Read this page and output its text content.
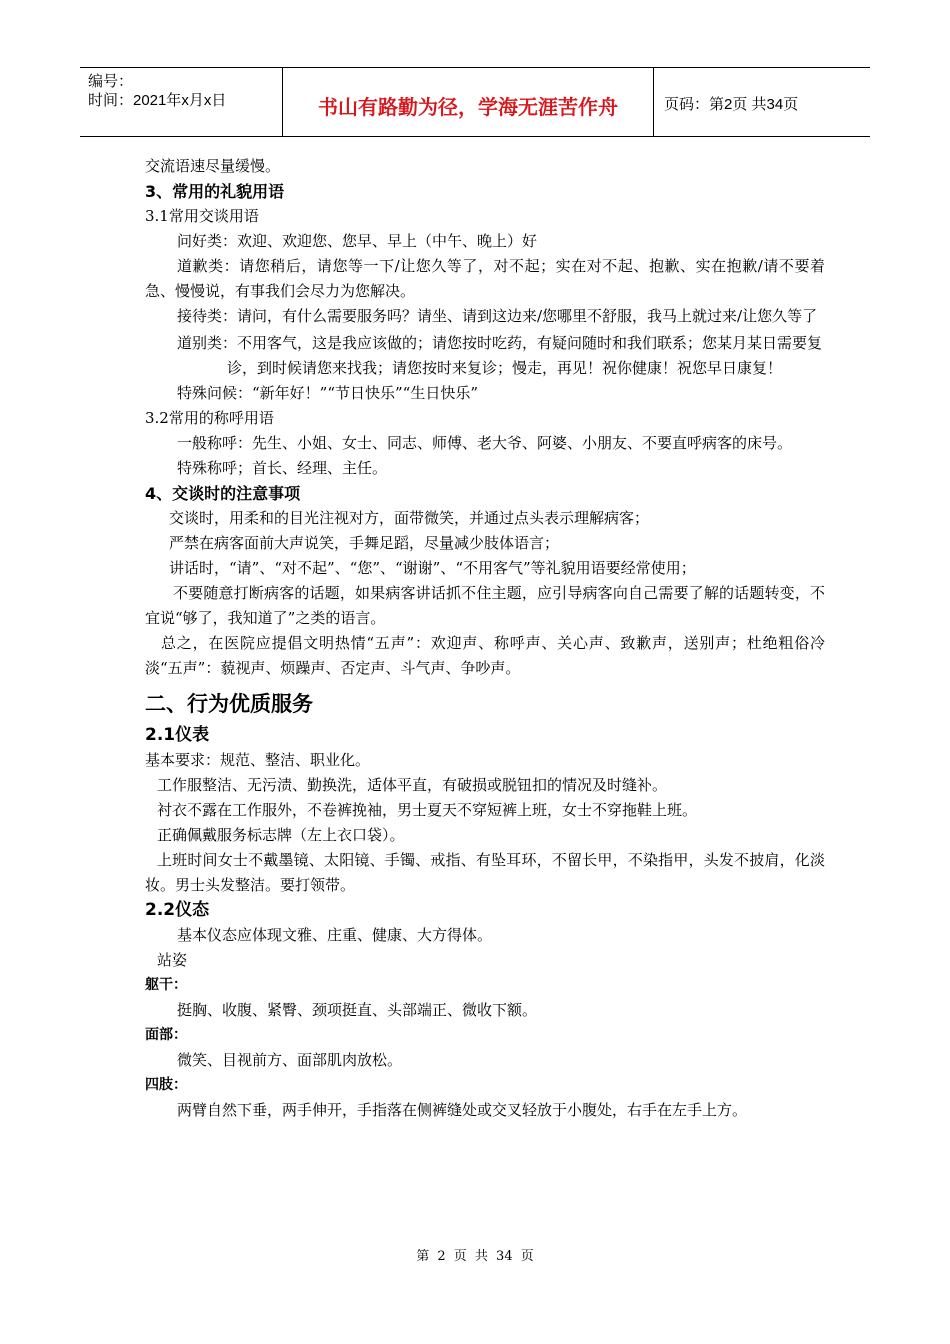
编号：
时间：2021年x月x日	书山有路勤为径，学海无涯苦作舟	页码：第2页 共34页
交流语速尽量缓慢。
3、常用的礼貌用语
3.1常用交谈用语
问好类：欢迎、欢迎您、您早、早上（中午、晚上）好
道歉类：请您稍后，请您等一下/让您久等了，对不起；实在对不起、抱歉、实在抱歉/请不要着急、慢慢说，有事我们会尽力为您解决。
接待类：请问，有什么需要服务吗？请坐、请到这边来/您哪里不舒服，我马上就过来/让您久等了
道别类：不用客气，这是我应该做的；请您按时吃药，有疑问随时和我们联系；您某月某日需要复诊，到时候请您来找我；请您按时来复诊；慢走，再见！祝你健康！祝您早日康复！
特殊问候：“新年好！”“节日快乐”“生日快乐”
3.2常用的称呼用语
一般称呼：先生、小姐、女士、同志、师傅、老大爷、阿婆、小朋友、不要直呼病客的床号。
特殊称呼；首长、经理、主任。
4、交谈时的注意事项
交谈时，用柔和的目光注视对方，面带微笑，并通过点头表示理解病客；
严禁在病客面前大声说笑，手舞足蹈，尽量减少肢体语言；
讲话时，“请”、“对不起”、“您”、“谢谢”、“不用客气”等礼貌用语要经常使用；
不要随意打断病客的话题，如果病客讲话抓不住主题，应引导病客向自己需要了解的话题转变，不宜说“够了，我知道了”之类的语言。
总之，在医院应提倡文明热情“五声”：欢迎声、称呼声、关心声、致歉声，送别声；杜绝粗俗冷淡“五声”：藐视声、烦躁声、否定声、斗气声、争吵声。
二、行为优质服务
2.1仪表
基本要求：规范、整洁、职业化。
工作服整洁、无污渍、勤换洗，适体平直，有破损或脱钮扣的情况及时缝补。
衬衣不露在工作服外，不卷裤挽袖，男士夏天不穿短裤上班，女士不穿拖鞋上班。
正确佩戴服务标志牌（左上衣口袋）。
上班时间女士不戴墨镜、太阳镜、手镯、戒指、有坠耳环，不留长甲，不染指甲，头发不披肩，化淡妆。男士头发整洁。要打领带。
2.2仪态
基本仪态应体现文雅、庄重、健康、大方得体。
站姿
躯干：
挺胸、收腹、紧臀、颈项挺直、头部端正、微收下额。
面部：
微笑、目视前方、面部肌肉放松。
四肢：
两臂自然下垂，两手伸开，手指落在侧裤缝处或交叉轻放于小腹处，右手在左手上方。
第 2 页 共 34 页
